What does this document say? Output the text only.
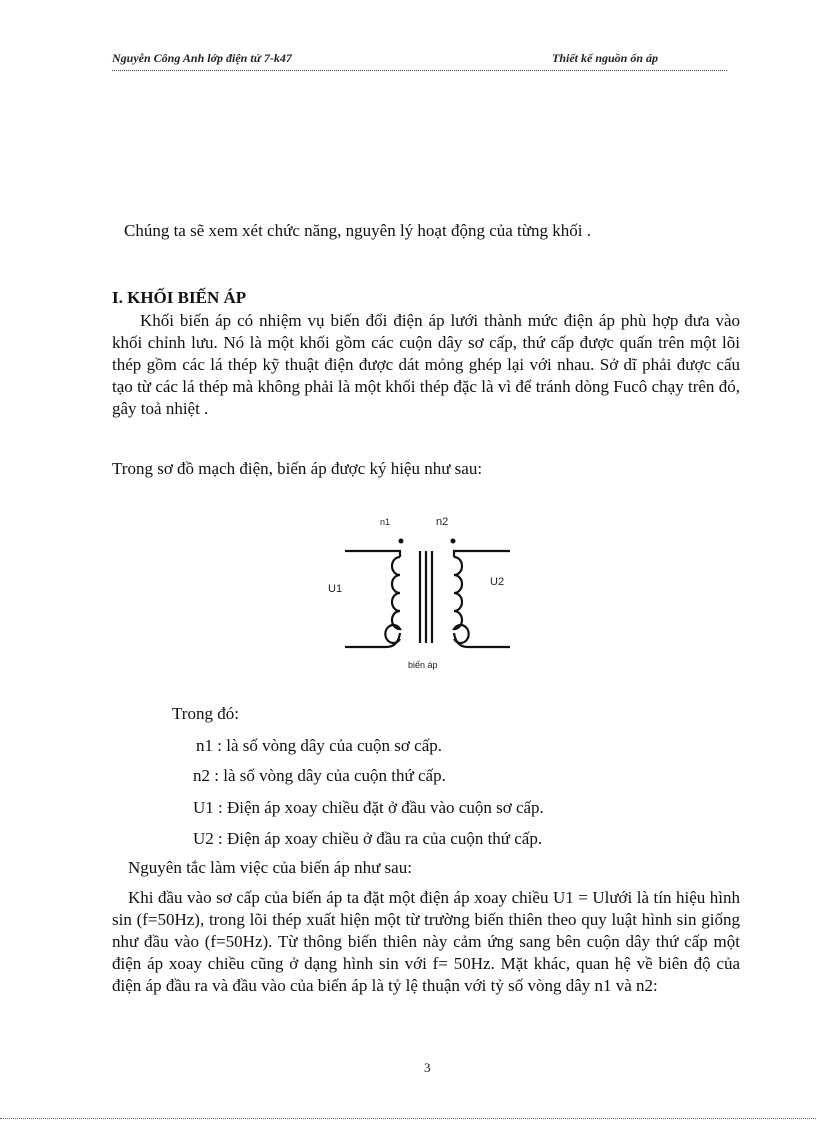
Nguyễn Công Anh lớp điện tử 7-k47	Thiết kế nguồn ổn áp

Chúng ta sẽ xem xét chức năng, nguyên lý hoạt động của từng khối .

I. KHỐI BIẾN ÁP

Khối biến áp có nhiệm vụ biến đổi điện áp lưới thành mức điện áp phù hợp đưa vào khối chỉnh lưu. Nó là một khối gồm các cuộn dây sơ cấp, thứ cấp được quấn trên một lõi thép gồm các lá thép kỹ thuật điện được dát mỏng ghép lại với nhau. Sở dĩ phải được cấu tạo từ các lá thép mà không phải là một khối thép đặc là vì để tránh dòng Fucô chạy trên đó, gây toả nhiệt .

Trong sơ đồ mạch điện, biến áp được ký hiệu như sau:

n1	n2
U1
U2
biến áp

Trong đó:

n1 : là số vòng dây của cuộn sơ cấp.

n2 : là số vòng dây của cuộn thứ cấp.

U1 : Điện áp xoay chiều đặt ở đầu vào cuộn sơ cấp.

U2 : Điện áp xoay chiều ở đầu ra của cuộn thứ cấp.

Nguyên tắc làm việc của biến áp như sau:

Khi đầu vào sơ cấp của biến áp ta đặt một điện áp xoay chiều U1 = Ulưới là tín hiệu hình sin (f=50Hz), trong lõi thép xuất hiện một từ trường biến thiên theo quy luật hình sin giống như đầu vào (f=50Hz). Từ thông biến thiên này cảm ứng sang bên cuộn dây thứ cấp một điện áp xoay chiều cũng ở dạng hình sin với f= 50Hz. Mặt khác, quan hệ về biên độ của điện áp đầu ra và đầu vào của biến áp là tỷ lệ thuận với tỷ số vòng dây n1 và n2:

3
